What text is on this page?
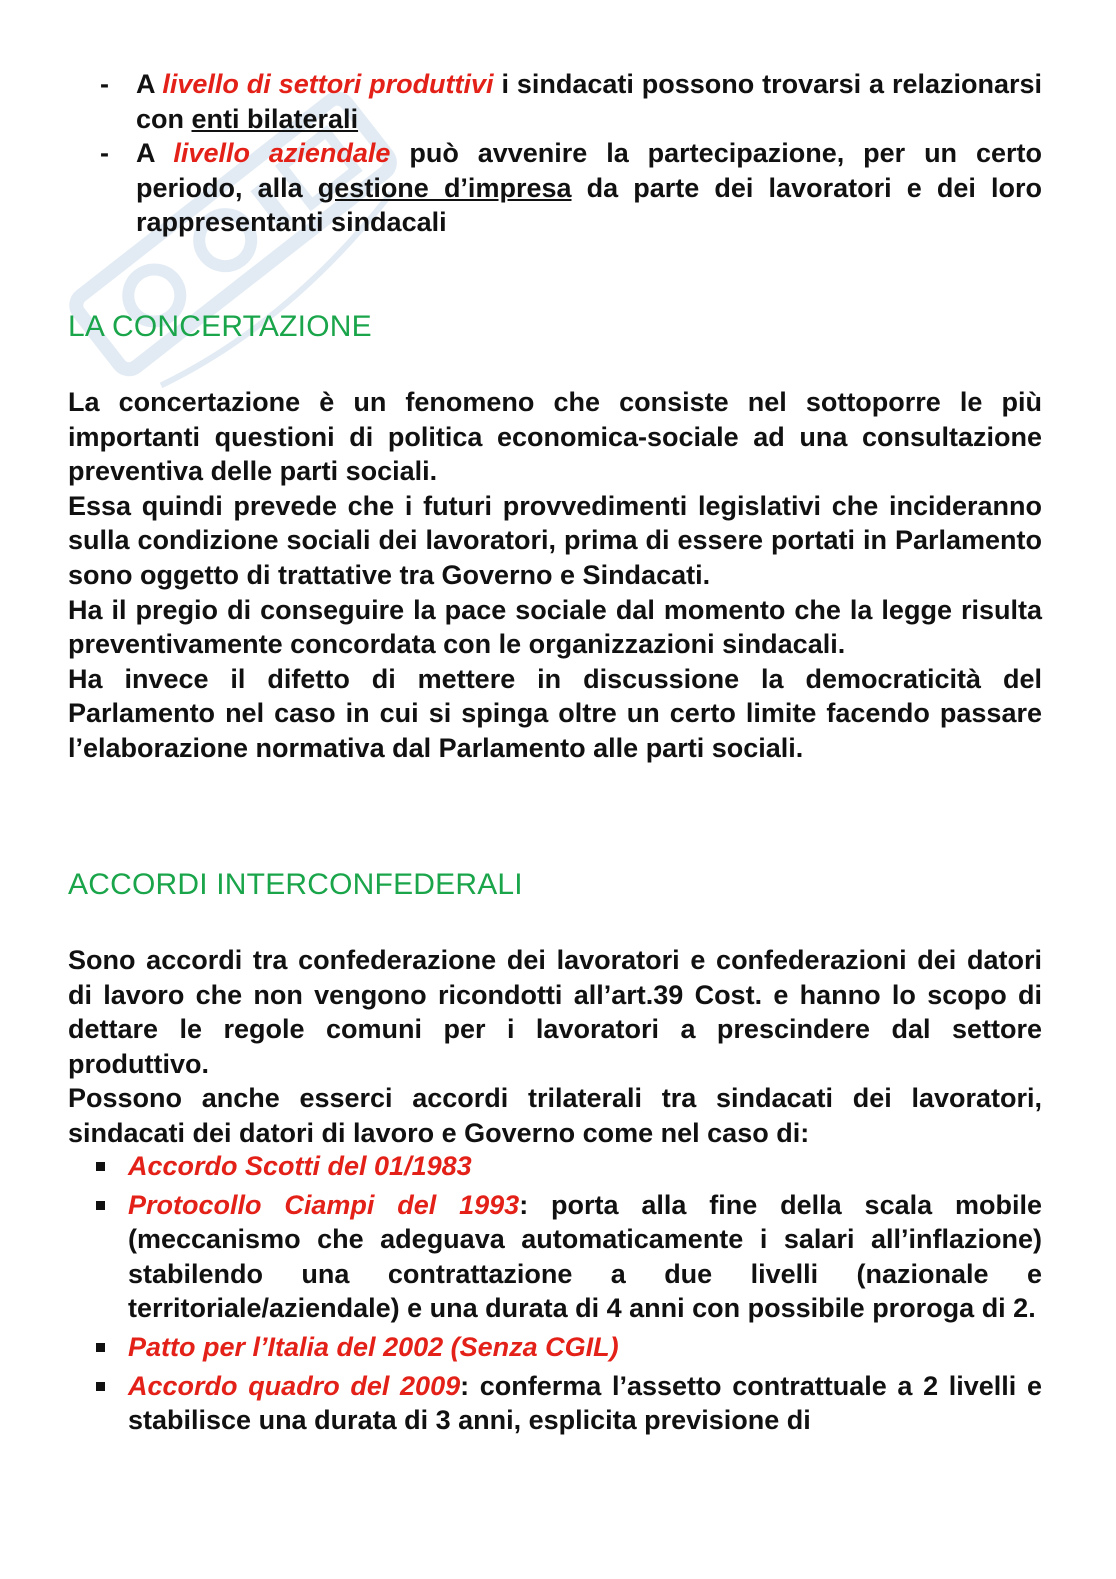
- A livello di settori produttivi i sindacati possono trovarsi a relazionarsi con enti bilaterali
- A livello aziendale può avvenire la partecipazione, per un certo periodo, alla gestione d’impresa da parte dei lavoratori e dei loro rappresentanti sindacali
LA CONCERTAZIONE

La concertazione è un fenomeno che consiste nel sottoporre le più importanti questioni di politica economica-sociale ad una consultazione preventiva delle parti sociali.

Essa quindi prevede che i futuri provvedimenti legislativi che incideranno sulla condizione sociali dei lavoratori, prima di essere portati in Parlamento sono oggetto di trattative tra Governo e Sindacati.

Ha il pregio di conseguire la pace sociale dal momento che la legge risulta preventivamente concordata con le organizzazioni sindacali.

Ha invece il difetto di mettere in discussione la democraticità del Parlamento nel caso in cui si spinga oltre un certo limite facendo passare l’elaborazione normativa dal Parlamento alle parti sociali.

ACCORDI INTERCONFEDERALI

Sono accordi tra confederazione dei lavoratori e confederazioni dei datori di lavoro che non vengono ricondotti all’art.39 Cost. e hanno lo scopo di dettare le regole comuni per i lavoratori a prescindere dal settore produttivo.

Possono anche esserci accordi trilaterali tra sindacati dei lavoratori, sindacati dei datori di lavoro e Governo come nel caso di:

Accordo Scotti del 01/1983
Protocollo Ciampi del 1993: porta alla fine della scala mobile (meccanismo che adeguava automaticamente i salari all’inflazione) stabilendo una contrattazione a due livelli (nazionale e territoriale/aziendale) e una durata di 4 anni con possibile proroga di 2.
Patto per l’Italia del 2002 (Senza CGIL)
Accordo quadro del 2009: conferma l’assetto contrattuale a 2 livelli e stabilisce una durata di 3 anni, esplicita previsione di
